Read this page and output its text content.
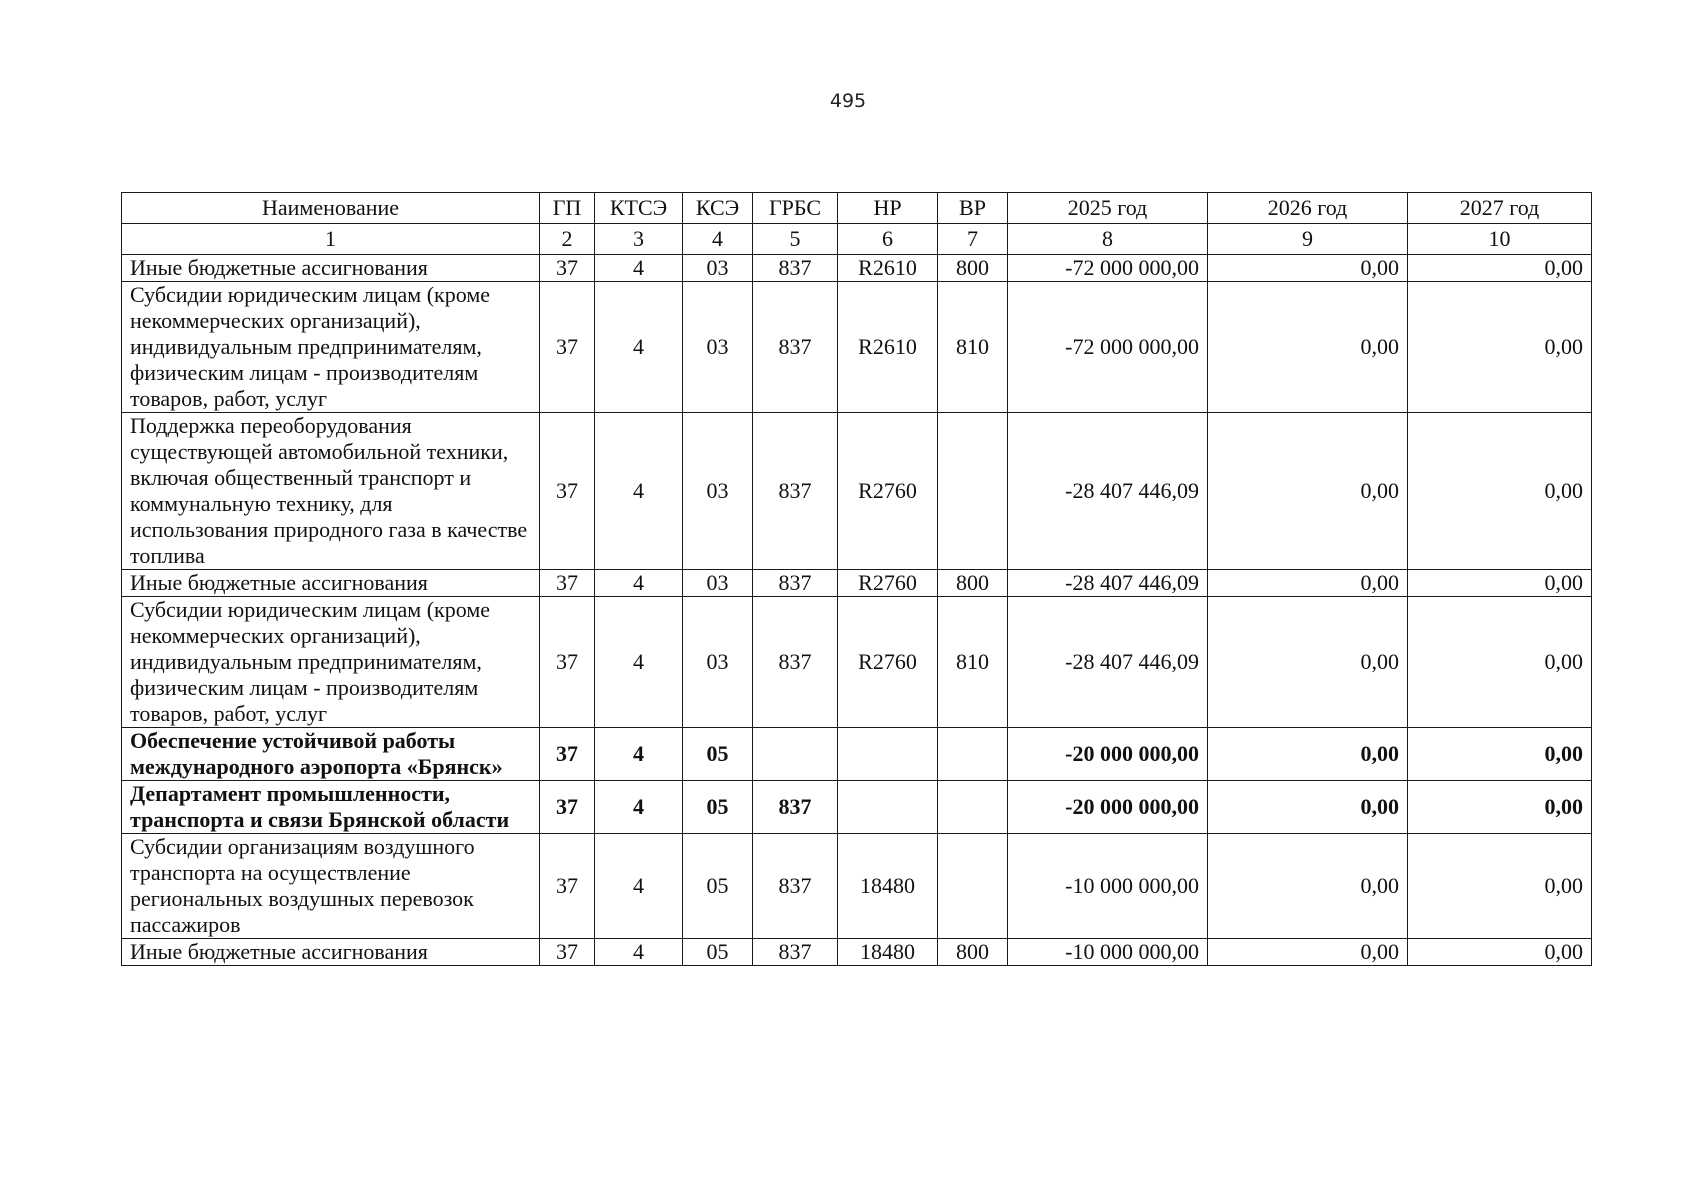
495
Наименование	ГП	КТСЭ	КСЭ	ГРБС	НР	ВР	2025 год	2026 год	2027 год
1	2	3	4	5	6	7	8	9	10
Иные бюджетные ассигнования	37	4	03	837	R2610	800	-72 000 000,00	0,00	0,00
Субсидии юридическим лицам (кроме некоммерческих организаций), индивидуальным предпринимателям, физическим лицам - производителям товаров, работ, услуг	37	4	03	837	R2610	810	-72 000 000,00	0,00	0,00
Поддержка переоборудования существующей автомобильной техники, включая общественный транспорт и коммунальную технику, для использования природного газа в качестве топлива	37	4	03	837	R2760		-28 407 446,09	0,00	0,00
Иные бюджетные ассигнования	37	4	03	837	R2760	800	-28 407 446,09	0,00	0,00
Субсидии юридическим лицам (кроме некоммерческих организаций), индивидуальным предпринимателям, физическим лицам - производителям товаров, работ, услуг	37	4	03	837	R2760	810	-28 407 446,09	0,00	0,00
Обеспечение устойчивой работы международного аэропорта «Брянск»	37	4	05				-20 000 000,00	0,00	0,00
Департамент промышленности, транспорта и связи Брянской области	37	4	05	837			-20 000 000,00	0,00	0,00
Субсидии организациям воздушного транспорта на осуществление региональных воздушных перевозок пассажиров	37	4	05	837	18480		-10 000 000,00	0,00	0,00
Иные бюджетные ассигнования	37	4	05	837	18480	800	-10 000 000,00	0,00	0,00
